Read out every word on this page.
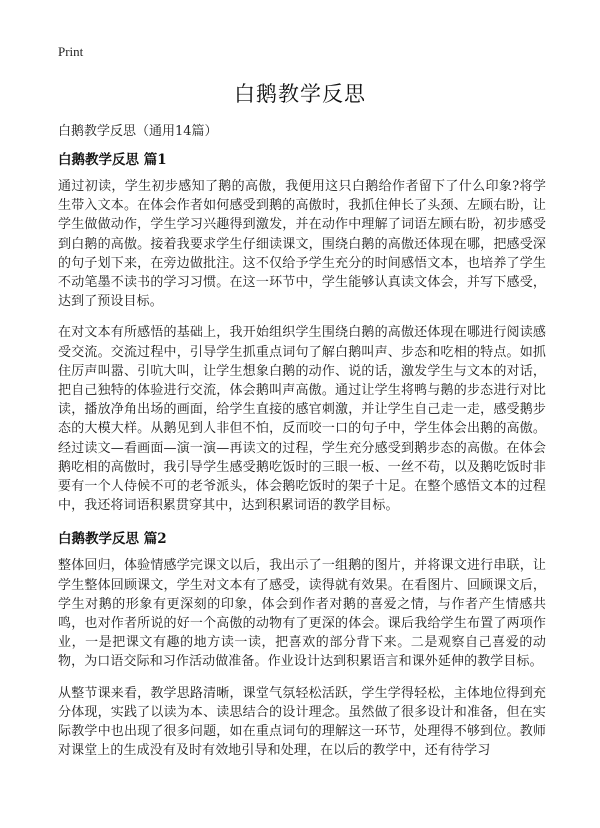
Print
白鹅教学反思
白鹅教学反思（通用14篇）
白鹅教学反思 篇1

通过初读，学生初步感知了鹅的高傲，我便用这只白鹅给作者留下了什么印象?将学生带入文本。在体会作者如何感受到鹅的高傲时，我抓住伸长了头颈、左顾右盼，让学生做做动作，学生学习兴趣得到激发，并在动作中理解了词语左顾右盼，初步感受到白鹅的高傲。接着我要求学生仔细读课文，围绕白鹅的高傲还体现在哪，把感受深的句子划下来，在旁边做批注。这不仅给予学生充分的时间感悟文本，也培养了学生不动笔墨不读书的学习习惯。在这一环节中，学生能够认真读文体会，并写下感受，达到了预设目标。

在对文本有所感悟的基础上，我开始组织学生围绕白鹅的高傲还体现在哪进行阅读感受交流。交流过程中，引导学生抓重点词句了解白鹅叫声、步态和吃相的特点。如抓住厉声叫嚣、引吭大叫，让学生想象白鹅的动作、说的话，激发学生与文本的对话，把自己独特的体验进行交流，体会鹅叫声高傲。通过让学生将鸭与鹅的步态进行对比读，播放净角出场的画面，给学生直接的感官刺激，并让学生自己走一走，感受鹅步态的大模大样。从鹅见到人非但不怕，反而咬一口的句子中，学生体会出鹅的高傲。经过读文—看画面—演一演—再读文的过程，学生充分感受到鹅步态的高傲。在体会鹅吃相的高傲时，我引导学生感受鹅吃饭时的三眼一板、一丝不苟，以及鹅吃饭时非要有一个人侍候不可的老爷派头，体会鹅吃饭时的架子十足。在整个感悟文本的过程中，我还将词语积累贯穿其中，达到积累词语的教学目标。

白鹅教学反思 篇2

整体回归，体验情感学完课文以后，我出示了一组鹅的图片，并将课文进行串联，让学生整体回顾课文，学生对文本有了感受，读得就有效果。在看图片、回顾课文后，学生对鹅的形象有更深刻的印象，体会到作者对鹅的喜爱之情，与作者产生情感共鸣，也对作者所说的好一个高傲的动物有了更深的体会。课后我给学生布置了两项作业，一是把课文有趣的地方读一读，把喜欢的部分背下来。二是观察自己喜爱的动物，为口语交际和习作活动做准备。作业设计达到积累语言和课外延伸的教学目标。

从整节课来看，教学思路清晰，课堂气氛轻松活跃，学生学得轻松，主体地位得到充分体现，实践了以读为本、读思结合的设计理念。虽然做了很多设计和准备，但在实际教学中也出现了很多问题，如在重点词句的理解这一环节，处理得不够到位。教师对课堂上的生成没有及时有效地引导和处理，在以后的教学中，还有待学习
